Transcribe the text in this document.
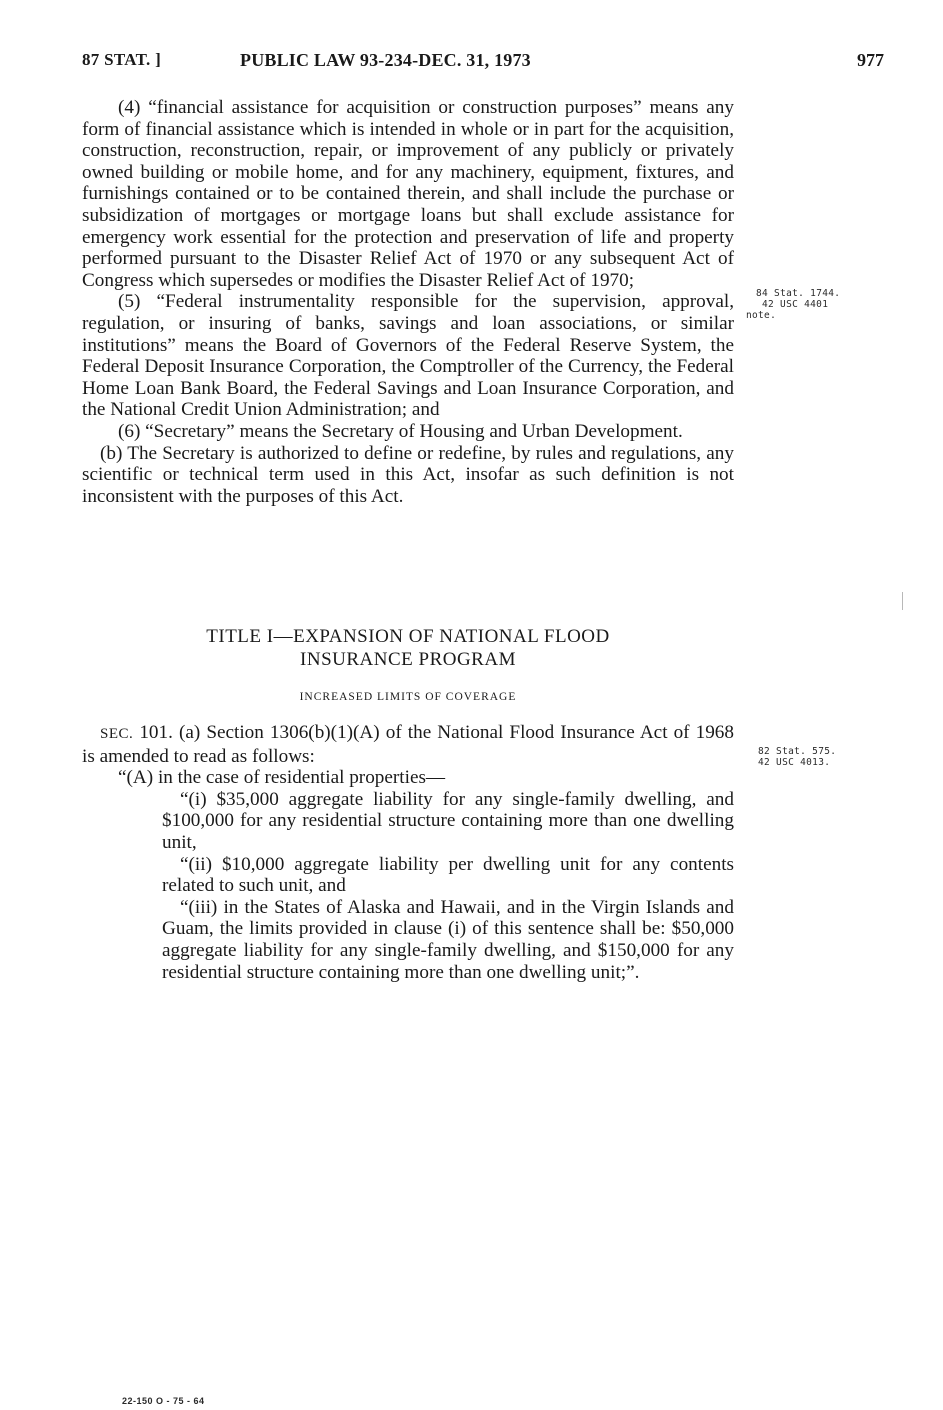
87 STAT. ]	PUBLIC LAW 93-234-DEC. 31, 1973	977

(4) “financial assistance for acquisition or construction purposes” means any form of financial assistance which is intended in whole or in part for the acquisition, construction, reconstruction, repair, or improvement of any publicly or privately owned building or mobile home, and for any machinery, equipment, fixtures, and furnishings contained or to be contained therein, and shall include the purchase or subsidization of mortgages or mortgage loans but shall exclude assistance for emergency work essential for the protection and preservation of life and property performed pursuant to the Disaster Relief Act of 1970 or any subsequent Act of Congress which supersedes or modifies the Disaster Relief Act of 1970;

(5) “Federal instrumentality responsible for the supervision, approval, regulation, or insuring of banks, savings and loan associations, or similar institutions” means the Board of Governors of the Federal Reserve System, the Federal Deposit Insurance Corporation, the Comptroller of the Currency, the Federal Home Loan Bank Board, the Federal Savings and Loan Insurance Corporation, and the National Credit Union Administration; and

(6) “Secretary” means the Secretary of Housing and Urban Development.

(b) The Secretary is authorized to define or redefine, by rules and regulations, any scientific or technical term used in this Act, insofar as such definition is not inconsistent with the purposes of this Act.

TITLE I—EXPANSION OF NATIONAL FLOOD
INSURANCE PROGRAM
INCREASED LIMITS OF COVERAGE

SEC. 101. (a) Section 1306(b)(1)(A) of the National Flood Insurance Act of 1968 is amended to read as follows:

“(A) in the case of residential properties—

“(i) $35,000 aggregate liability for any single-family dwelling, and $100,000 for any residential structure containing more than one dwelling unit,

“(ii) $10,000 aggregate liability per dwelling unit for any contents related to such unit, and

“(iii) in the States of Alaska and Hawaii, and in the Virgin Islands and Guam, the limits provided in clause (i) of this sentence shall be: $50,000 aggregate liability for any single-family dwelling, and $150,000 for any residential structure containing more than one dwelling unit;”.

84 Stat. 1744.
42 USC 4401
note.
82 Stat. 575.
42 USC 4013.
22-150 O - 75 - 64
